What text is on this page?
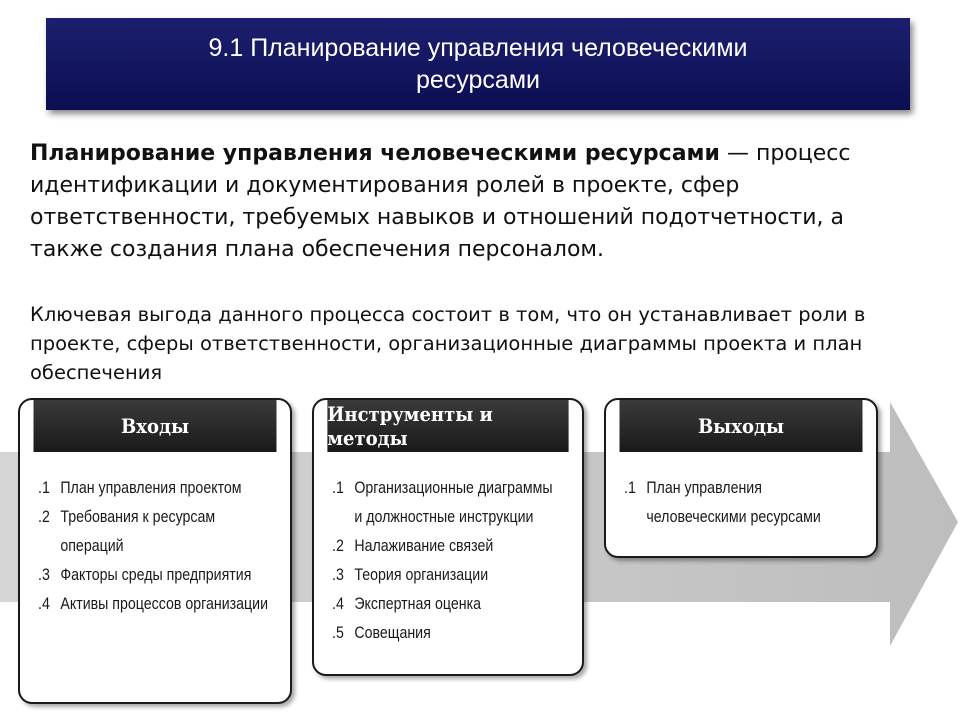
9.1 Планирование управления человеческими ресурсами
Планирование управления человеческими ресурсами — процесс идентификации и документирования ролей в проекте, сфер ответственности, требуемых навыков и отношений подотчетности, а также создания плана обеспечения персоналом.
Ключевая выгода данного процесса состоит в том, что он устанавливает роли в проекте, сферы ответственности, организационные диаграммы проекта и план обеспечения
Входы
.1 План управления проектом
.2 Требования к ресурсам
операций
.3 Факторы среды предприятия
.4 Активы процессов организации
Инструменты и методы
.1 Организационные диаграммы
и должностные инструкции
.2 Налаживание связей
.3 Теория организации
.4 Экспертная оценка
.5 Совещания
Выходы
.1 План управления
человеческими ресурсами
